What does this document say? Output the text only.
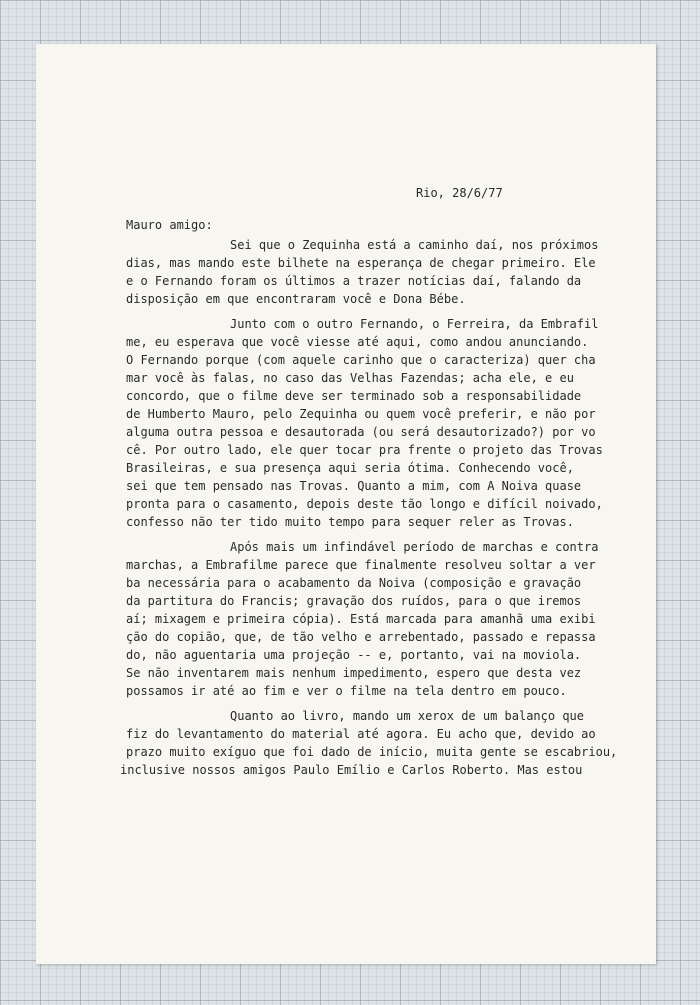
Rio, 28/6/77

Mauro amigo:

Sei que o Zequinha está a caminho daí, nos próximos

dias, mas mando este bilhete na esperança de chegar primeiro. Ele

e o Fernando foram os últimos a trazer notícias daí, falando da

disposição em que encontraram você e Dona Bébe.

Junto com o outro Fernando, o Ferreira, da Embrafil

me, eu esperava que você viesse até aqui, como andou anunciando.

O Fernando porque (com aquele carinho que o caracteriza) quer cha

mar você às falas, no caso das Velhas Fazendas; acha ele, e eu

concordo, que o filme deve ser terminado sob a responsabilidade

de Humberto Mauro, pelo Zequinha ou quem você preferir, e não por

alguma outra pessoa e desautorada (ou será desautorizado?) por vo

cê. Por outro lado, ele quer tocar pra frente o projeto das Trovas

Brasileiras, e sua presença aqui seria ótima. Conhecendo você,

sei que tem pensado nas Trovas. Quanto a mim, com A Noiva quase

pronta para o casamento, depois deste tão longo e difícil noivado,

confesso não ter tido muito tempo para sequer reler as Trovas.

Após mais um infindável período de marchas e contra

marchas, a Embrafilme parece que finalmente resolveu soltar a ver

ba necessária para o acabamento da Noiva (composição e gravação

da partitura do Francis; gravação dos ruídos, para o que iremos

aí; mixagem e primeira cópia). Está marcada para amanhã uma exibi

ção do copião, que, de tão velho e arrebentado, passado e repassa

do, não aguentaria uma projeção -- e, portanto, vai na moviola.

Se não inventarem mais nenhum impedimento, espero que desta vez

possamos ir até ao fim e ver o filme na tela dentro em pouco.

Quanto ao livro, mando um xerox de um balanço que

fiz do levantamento do material até agora. Eu acho que, devido ao

prazo muito exíguo que foi dado de início, muita gente se escabriou,

inclusive nossos amigos Paulo Emílio e Carlos Roberto. Mas estou
